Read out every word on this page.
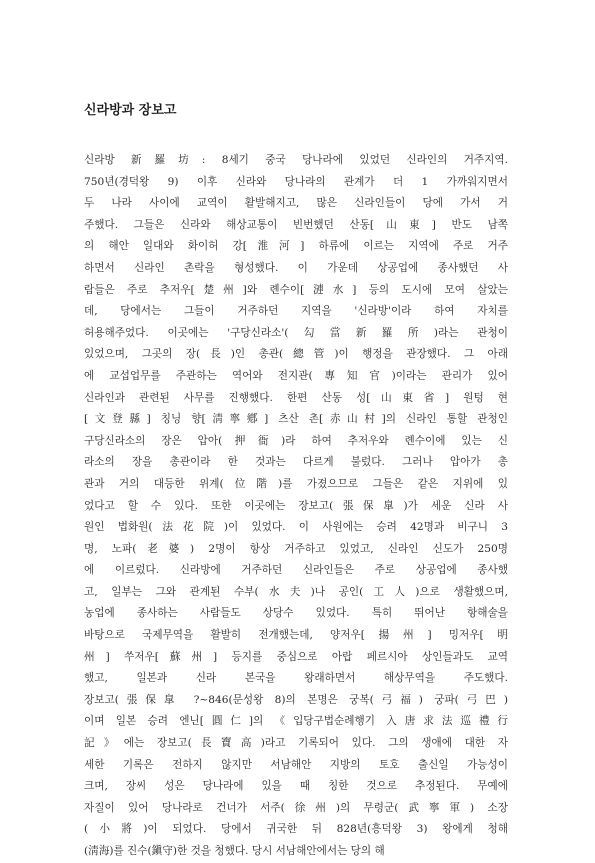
신라방과 장보고
신라방 新羅坊: 8세기 중국 당나라에 있었던 신라인의 거주지역.
750년(경덕왕 9) 이후 신라와 당나라의 관계가 더 1 가까워지면서
두 나라 사이에 교역이 활발해지고, 많은 신라인들이 당에 가서 거
주했다. 그들은 신라와 해상교통이 빈번했던 산동[山東] 반도 남쪽
의 해안 일대와 화이허 강[淮河] 하류에 이르는 지역에 주로 거주
하면서 신라인 촌락을 형성했다. 이 가운데 상공업에 종사했던 사
람들은 주로 추저우[楚州]와 롄수이[漣水] 등의 도시에 모여 살았는
데, 당에서는 그들이 거주하던 지역을 '신라방'이라 하여 자치를
허용해주었다. 이곳에는 '구당신라소'(勾當新羅所)라는 관청이
있었으며, 그곳의 장(長)인 총관(總管)이 행정을 관장했다. 그 아래
에 교섭업무를 주관하는 역어와 전지관(專知官)이라는 관리가 있어
신라인과 관련된 사무를 진행했다. 한편 산동 성[山東省] 원텅 현
[文登縣] 칭닝 향[淸寧鄕] 츠산 촌[赤山村]의 신라인 통할 관청인
구당신라소의 장은 압아(押衙)라 하여 추저우와 롄수이에 있는 신
라소의 장을 총관이라 한 것과는 다르게 불렀다. 그러나 압아가 총
관과 거의 대등한 위계(位階)를 가졌으므로 그들은 같은 지위에 있
었다고 할 수 있다. 또한 이곳에는 장보고(張保皐)가 세운 신라 사
원인 법화원(法花院)이 있었다. 이 사원에는 승려 42명과 비구니 3
명, 노파(老婆) 2명이 항상 거주하고 있었고, 신라인 신도가 250명
에 이르렀다. 신라방에 거주하던 신라인들은 주로 상공업에 종사했
고, 일부는 그와 관계된 수부(水夫)나 공인(工人)으로 생활했으며,
농업에 종사하는 사람들도 상당수 있었다. 특히 뛰어난 항해술을
바탕으로 국제무역을 활발히 전개했는데, 양저우[揚州] 밍저우[明
州] 쑤저우[蘇州] 등지를 중심으로 아랍 페르시아 상인들과도 교역
했고, 일본과 신라 본국을 왕래하면서 해상무역을 주도했다.
장보고(張保皐 ?~846(문성왕 8)의 본명은 궁복(弓福) 궁파(弓巴)
이며 일본 승려 엔닌[圓仁]의 《입당구법순례행기 入唐求法巡禮行
記》에는 장보고(長寶高)라고 기록되어 있다. 그의 생애에 대한 자
세한 기록은 전하지 않지만 서남해안 지방의 토호 출신일 가능성이
크며, 장씨 성은 당나라에 있을 때 칭한 것으로 추정된다. 무예에
자질이 있어 당나라로 건너가 서주(徐州)의 무령군(武寧軍) 소장
(小將)이 되었다. 당에서 귀국한 뒤 828년(흥덕왕 3) 왕에게 청해
(淸海)를 진수(鎭守)한 것을 청했다. 당시 서남해안에서는 당의 해
